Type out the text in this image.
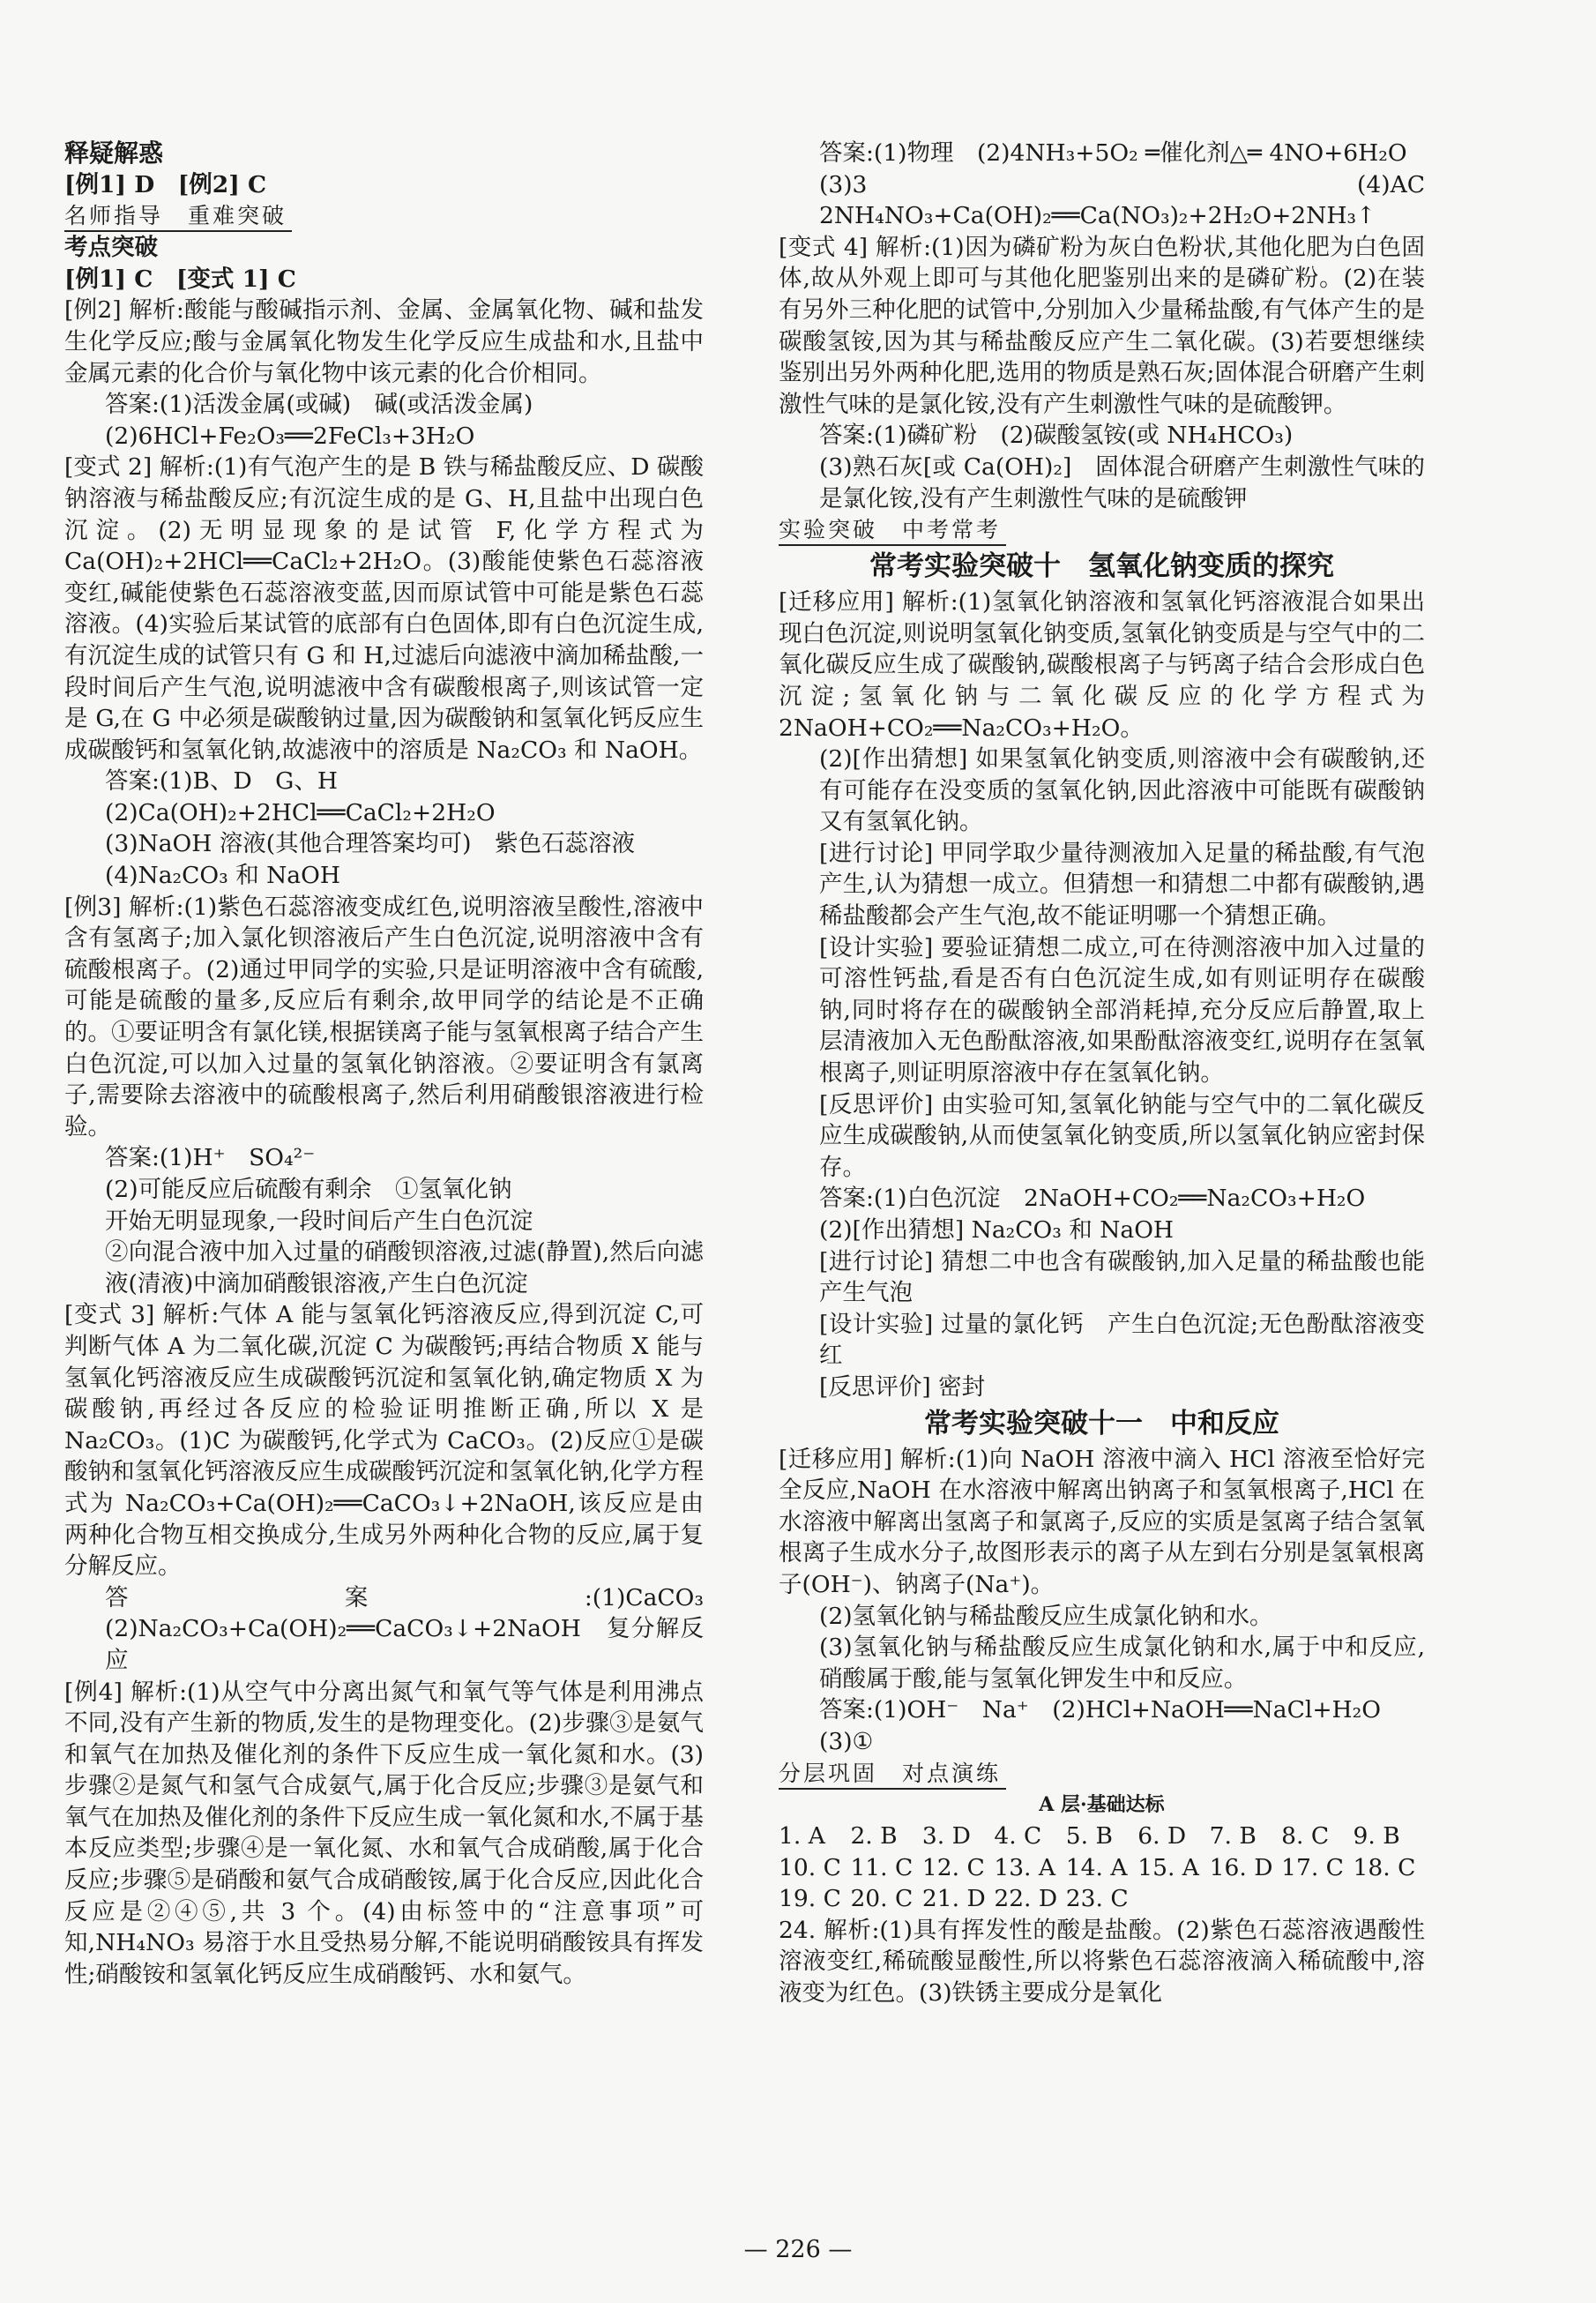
释疑解惑

[例1] D　[例2] C

名师指导　重难突破

考点突破

[例1] C　[变式 1] C

[例2] 解析:酸能与酸碱指示剂、金属、金属氧化物、碱和盐发生化学反应;酸与金属氧化物发生化学反应生成盐和水,且盐中金属元素的化合价与氧化物中该元素的化合价相同。

答案:(1)活泼金属(或碱)　碱(或活泼金属)

(2)6HCl+Fe₂O₃══2FeCl₃+3H₂O

[变式 2] 解析:(1)有气泡产生的是 B 铁与稀盐酸反应、D 碳酸钠溶液与稀盐酸反应;有沉淀生成的是 G、H,且盐中出现白色沉淀。(2)无明显现象的是试管 F,化学方程式为 Ca(OH)₂+2HCl══CaCl₂+2H₂O。(3)酸能使紫色石蕊溶液变红,碱能使紫色石蕊溶液变蓝,因而原试管中可能是紫色石蕊溶液。(4)实验后某试管的底部有白色固体,即有白色沉淀生成,有沉淀生成的试管只有 G 和 H,过滤后向滤液中滴加稀盐酸,一段时间后产生气泡,说明滤液中含有碳酸根离子,则该试管一定是 G,在 G 中必须是碳酸钠过量,因为碳酸钠和氢氧化钙反应生成碳酸钙和氢氧化钠,故滤液中的溶质是 Na₂CO₃ 和 NaOH。

答案:(1)B、D　G、H

(2)Ca(OH)₂+2HCl══CaCl₂+2H₂O

(3)NaOH 溶液(其他合理答案均可)　紫色石蕊溶液

(4)Na₂CO₃ 和 NaOH

[例3] 解析:(1)紫色石蕊溶液变成红色,说明溶液呈酸性,溶液中含有氢离子;加入氯化钡溶液后产生白色沉淀,说明溶液中含有硫酸根离子。(2)通过甲同学的实验,只是证明溶液中含有硫酸,可能是硫酸的量多,反应后有剩余,故甲同学的结论是不正确的。①要证明含有氯化镁,根据镁离子能与氢氧根离子结合产生白色沉淀,可以加入过量的氢氧化钠溶液。②要证明含有氯离子,需要除去溶液中的硫酸根离子,然后利用硝酸银溶液进行检验。

答案:(1)H⁺　SO₄²⁻

(2)可能反应后硫酸有剩余　①氢氧化钠

开始无明显现象,一段时间后产生白色沉淀

②向混合液中加入过量的硝酸钡溶液,过滤(静置),然后向滤液(清液)中滴加硝酸银溶液,产生白色沉淀

[变式 3] 解析:气体 A 能与氢氧化钙溶液反应,得到沉淀 C,可判断气体 A 为二氧化碳,沉淀 C 为碳酸钙;再结合物质 X 能与氢氧化钙溶液反应生成碳酸钙沉淀和氢氧化钠,确定物质 X 为碳酸钠,再经过各反应的检验证明推断正确,所以 X 是 Na₂CO₃。(1)C 为碳酸钙,化学式为 CaCO₃。(2)反应①是碳酸钠和氢氧化钙溶液反应生成碳酸钙沉淀和氢氧化钠,化学方程式为 Na₂CO₃+Ca(OH)₂══CaCO₃↓+2NaOH,该反应是由两种化合物互相交换成分,生成另外两种化合物的反应,属于复分解反应。

答案:(1)CaCO₃　(2)Na₂CO₃+Ca(OH)₂══CaCO₃↓+2NaOH　复分解反应

[例4] 解析:(1)从空气中分离出氮气和氧气等气体是利用沸点不同,没有产生新的物质,发生的是物理变化。(2)步骤③是氨气和氧气在加热及催化剂的条件下反应生成一氧化氮和水。(3)步骤②是氮气和氢气合成氨气,属于化合反应;步骤③是氨气和氧气在加热及催化剂的条件下反应生成一氧化氮和水,不属于基本反应类型;步骤④是一氧化氮、水和氧气合成硝酸,属于化合反应;步骤⑤是硝酸和氨气合成硝酸铵,属于化合反应,因此化合反应是②④⑤,共 3 个。(4)由标签中的“注意事项”可知,NH₄NO₃ 易溶于水且受热易分解,不能说明硝酸铵具有挥发性;硝酸铵和氢氧化钙反应生成硝酸钙、水和氨气。

答案:(1)物理　(2)4NH₃+5O₂ ═催化剂△═ 4NO+6H₂O

(3)3　(4)AC　2NH₄NO₃+Ca(OH)₂══Ca(NO₃)₂+2H₂O+2NH₃↑

[变式 4] 解析:(1)因为磷矿粉为灰白色粉状,其他化肥为白色固体,故从外观上即可与其他化肥鉴别出来的是磷矿粉。(2)在装有另外三种化肥的试管中,分别加入少量稀盐酸,有气体产生的是碳酸氢铵,因为其与稀盐酸反应产生二氧化碳。(3)若要想继续鉴别出另外两种化肥,选用的物质是熟石灰;固体混合研磨产生刺激性气味的是氯化铵,没有产生刺激性气味的是硫酸钾。

答案:(1)磷矿粉　(2)碳酸氢铵(或 NH₄HCO₃)

(3)熟石灰[或 Ca(OH)₂]　固体混合研磨产生刺激性气味的是氯化铵,没有产生刺激性气味的是硫酸钾

实验突破　中考常考

常考实验突破十　氢氧化钠变质的探究

[迁移应用] 解析:(1)氢氧化钠溶液和氢氧化钙溶液混合如果出现白色沉淀,则说明氢氧化钠变质,氢氧化钠变质是与空气中的二氧化碳反应生成了碳酸钠,碳酸根离子与钙离子结合会形成白色沉淀;氢氧化钠与二氧化碳反应的化学方程式为 2NaOH+CO₂══Na₂CO₃+H₂O。

(2)[作出猜想] 如果氢氧化钠变质,则溶液中会有碳酸钠,还有可能存在没变质的氢氧化钠,因此溶液中可能既有碳酸钠又有氢氧化钠。

[进行讨论] 甲同学取少量待测液加入足量的稀盐酸,有气泡产生,认为猜想一成立。但猜想一和猜想二中都有碳酸钠,遇稀盐酸都会产生气泡,故不能证明哪一个猜想正确。

[设计实验] 要验证猜想二成立,可在待测溶液中加入过量的可溶性钙盐,看是否有白色沉淀生成,如有则证明存在碳酸钠,同时将存在的碳酸钠全部消耗掉,充分反应后静置,取上层清液加入无色酚酞溶液,如果酚酞溶液变红,说明存在氢氧根离子,则证明原溶液中存在氢氧化钠。

[反思评价] 由实验可知,氢氧化钠能与空气中的二氧化碳反应生成碳酸钠,从而使氢氧化钠变质,所以氢氧化钠应密封保存。

答案:(1)白色沉淀　2NaOH+CO₂══Na₂CO₃+H₂O

(2)[作出猜想] Na₂CO₃ 和 NaOH

[进行讨论] 猜想二中也含有碳酸钠,加入足量的稀盐酸也能产生气泡

[设计实验] 过量的氯化钙　产生白色沉淀;无色酚酞溶液变红

[反思评价] 密封

常考实验突破十一　中和反应

[迁移应用] 解析:(1)向 NaOH 溶液中滴入 HCl 溶液至恰好完全反应,NaOH 在水溶液中解离出钠离子和氢氧根离子,HCl 在水溶液中解离出氢离子和氯离子,反应的实质是氢离子结合氢氧根离子生成水分子,故图形表示的离子从左到右分别是氢氧根离子(OH⁻)、钠离子(Na⁺)。

(2)氢氧化钠与稀盐酸反应生成氯化钠和水。

(3)氢氧化钠与稀盐酸反应生成氯化钠和水,属于中和反应,硝酸属于酸,能与氢氧化钾发生中和反应。

答案:(1)OH⁻　Na⁺　(2)HCl+NaOH══NaCl+H₂O

(3)①

分层巩固　对点演练

A 层·基础达标

1. A	2. B	3. D 4. C	5. B	6. D 7. B	8. C	9. B
10. C 11. C 12. C 13. A 14. A 15. A 16. D 17. C 18. C
19. C 20. C 21. D 22. D 23. C

24. 解析:(1)具有挥发性的酸是盐酸。(2)紫色石蕊溶液遇酸性溶液变红,稀硫酸显酸性,所以将紫色石蕊溶液滴入稀硫酸中,溶液变为红色。(3)铁锈主要成分是氧化

— 226 —
